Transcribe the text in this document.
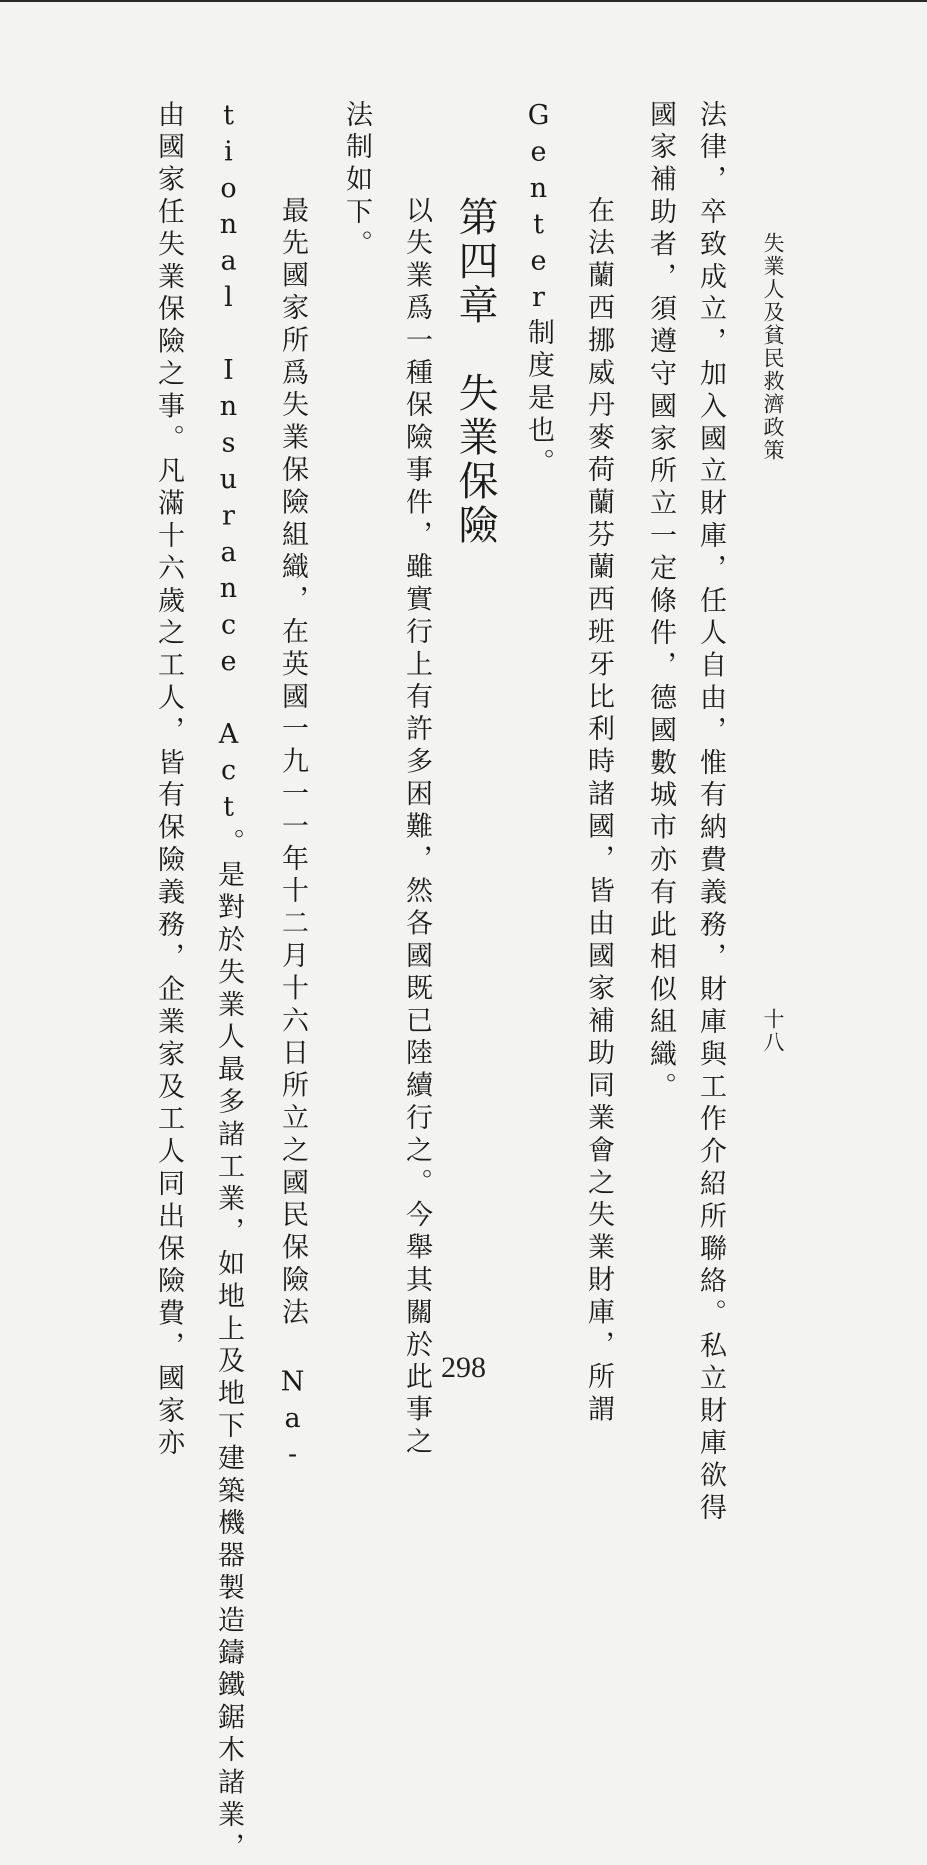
失業人及貧民救濟政策
十八
法律，卒致成立，加入國立財庫，任人自由，惟有納費義務，財庫與工作介紹所聯絡。私立財庫欲得
國家補助者，須遵守國家所立一定條件，德國數城市亦有此相似組織。
在法蘭西挪威丹麥荷蘭芬蘭西班牙比利時諸國，皆由國家補助同業會之失業財庫，所謂
Genter制度是也。
第四章　失業保險
以失業爲一種保險事件，雖實行上有許多困難，然各國既已陸續行之。今舉其關於此事之
法制如下。
最先國家所爲失業保險組織，在英國一九一一年十二月十六日所立之國民保險法 Na-
tional Insurance Act。是對於失業人最多諸工業，如地上及地下建築機器製造鑄鐵鋸木諸業，
由國家任失業保險之事。凡滿十六歲之工人，皆有保險義務，企業家及工人同出保險費，國家亦	298
